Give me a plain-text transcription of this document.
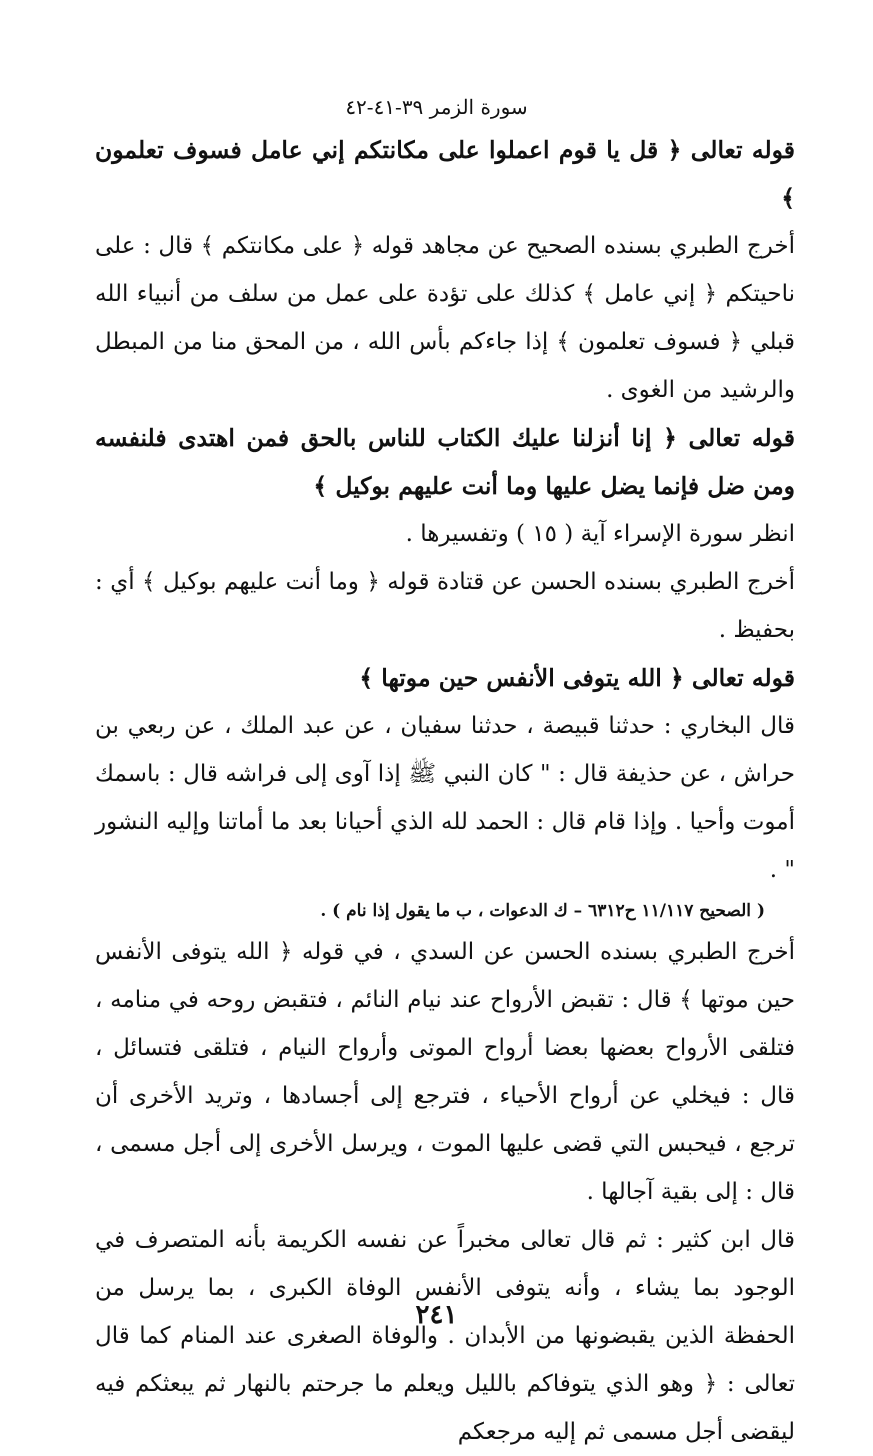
سورة الزمر ٣٩-٤١-٤٢

قوله تعالى ﴿ قل يا قوم اعملوا على مكانتكم إني عامل فسوف تعلمون ﴾

أخرج الطبري بسنده الصحيح عن مجاهد قوله ﴿ على مكانتكم ﴾ قال : على ناحيتكم ﴿ إني عامل ﴾ كذلك على تؤدة على عمل من سلف من أنبياء الله قبلي ﴿ فسوف تعلمون ﴾ إذا جاءكم بأس الله ، من المحق منا من المبطل والرشيد من الغوى .

قوله تعالى ﴿ إنا أنزلنا عليك الكتاب للناس بالحق فمن اهتدى فلنفسه ومن ضل فإنما يضل عليها وما أنت عليهم بوكيل ﴾

انظر سورة الإسراء آية ( ١٥ ) وتفسيرها .

أخرج الطبري بسنده الحسن عن قتادة قوله ﴿ وما أنت عليهم بوكيل ﴾ أي : بحفيظ .

قوله تعالى ﴿ الله يتوفى الأنفس حين موتها ﴾

قال البخاري : حدثنا قبيصة ، حدثنا سفيان ، عن عبد الملك ، عن ربعي بن حراش ، عن حذيفة قال : " كان النبي ﷺ إذا آوى إلى فراشه قال : باسمك أموت وأحيا . وإذا قام قال : الحمد لله الذي أحيانا بعد ما أماتنا وإليه النشور " .

( الصحيح ١١/١١٧ ح٦٣١٢ – ك الدعوات ، ب ما يقول إذا نام ) .

أخرج الطبري بسنده الحسن عن السدي ، في قوله ﴿ الله يتوفى الأنفس حين موتها ﴾ قال : تقبض الأرواح عند نيام النائم ، فتقبض روحه في منامه ، فتلقى الأرواح بعضها بعضا أرواح الموتى وأرواح النيام ، فتلقى فتسائل ، قال : فيخلي عن أرواح الأحياء ، فترجع إلى أجسادها ، وتريد الأخرى أن ترجع ، فيحبس التي قضى عليها الموت ، ويرسل الأخرى إلى أجل مسمى ، قال : إلى بقية آجالها .

قال ابن كثير : ثم قال تعالى مخبراً عن نفسه الكريمة بأنه المتصرف في الوجود بما يشاء ، وأنه يتوفى الأنفس الوفاة الكبرى ، بما يرسل من الحفظة الذين يقبضونها من الأبدان . والوفاة الصغرى عند المنام كما قال تعالى : ﴿ وهو الذي يتوفاكم بالليل ويعلم ما جرحتم بالنهار ثم يبعثكم فيه ليقضى أجل مسمى ثم إليه مرجعكم

٢٤١
